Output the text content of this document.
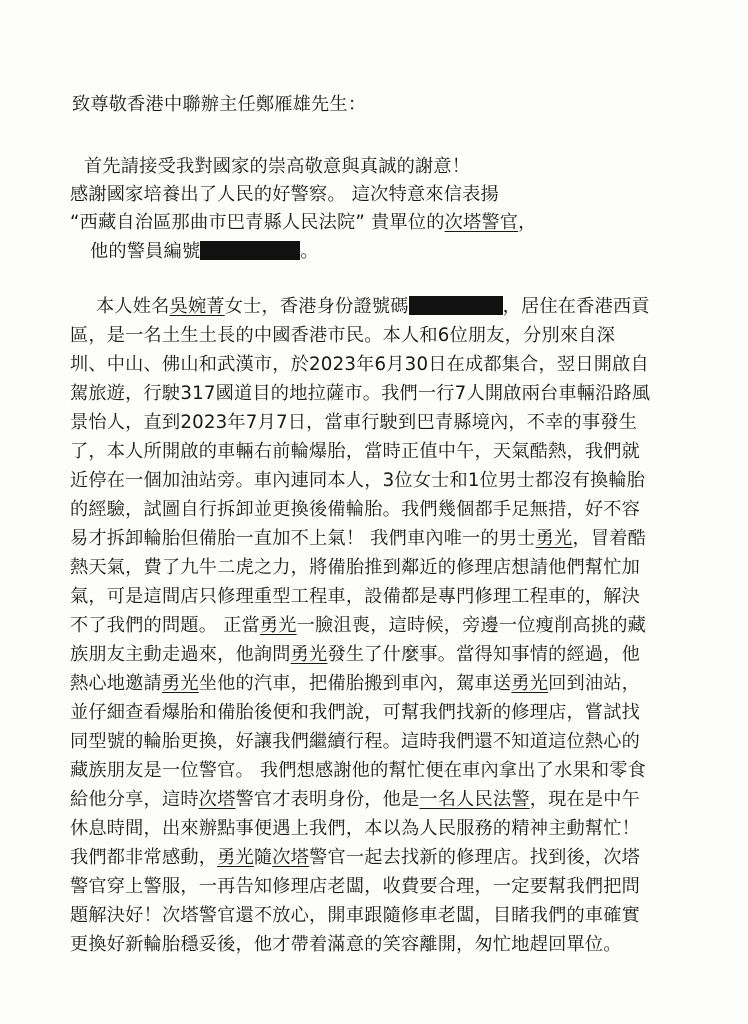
致尊敬香港中聯辦主任鄭雁雄先生：
首先請接受我對國家的崇高敬意與真誠的謝意！
感謝國家培養出了人民的好警察。 這次特意來信表揚
“西藏自治區那曲市巴青縣人民法院” 貴單位的次塔警官，
他的警員編號	。
本人姓名吳婉菁女士，香港身份證號碼	，居住在香港西貢
區，是一名土生土長的中國香港市民。本人和6位朋友，分別來自深
圳、中山、佛山和武漢市，於2023年6月30日在成都集合，翌日開啟自
駕旅遊，行駛317國道目的地拉薩市。我們一行7人開啟兩台車輛沿路風
景怡人，直到2023年7月7日，當車行駛到巴青縣境內，不幸的事發生
了，本人所開啟的車輛右前輪爆胎，當時正值中午，天氣酷熱，我們就
近停在一個加油站旁。車內連同本人，3位女士和1位男士都沒有換輪胎
的經驗，試圖自行拆卸並更換後備輪胎。我們幾個都手足無措，好不容
易才拆卸輪胎但備胎一直加不上氣！ 我們車內唯一的男士勇光，冒着酷
熱天氣，費了九牛二虎之力，將備胎推到鄰近的修理店想請他們幫忙加
氣，可是這間店只修理重型工程車，設備都是專門修理工程車的，解決
不了我們的問題。 正當勇光一臉沮喪，這時候，旁邊一位瘦削高挑的藏
族朋友主動走過來，他詢問勇光發生了什麼事。當得知事情的經過，他
熱心地邀請勇光坐他的汽車，把備胎搬到車內，駕車送勇光回到油站，
並仔細查看爆胎和備胎後便和我們說，可幫我們找新的修理店，嘗試找
同型號的輪胎更換，好讓我們繼續行程。這時我們還不知道這位熱心的
藏族朋友是一位警官。 我們想感謝他的幫忙便在車內拿出了水果和零食
給他分享，這時次塔警官才表明身份，他是一名人民法警，現在是中午
休息時間，出來辦點事便遇上我們，本以為人民服務的精神主動幫忙！
我們都非常感動，勇光隨次塔警官一起去找新的修理店。找到後，次塔
警官穿上警服，一再告知修理店老闆，收費要合理，一定要幫我們把問
題解決好！次塔警官還不放心，開車跟隨修車老闆，目睹我們的車確實
更換好新輪胎穩妥後，他才帶着滿意的笑容離開，匆忙地趕回單位。
